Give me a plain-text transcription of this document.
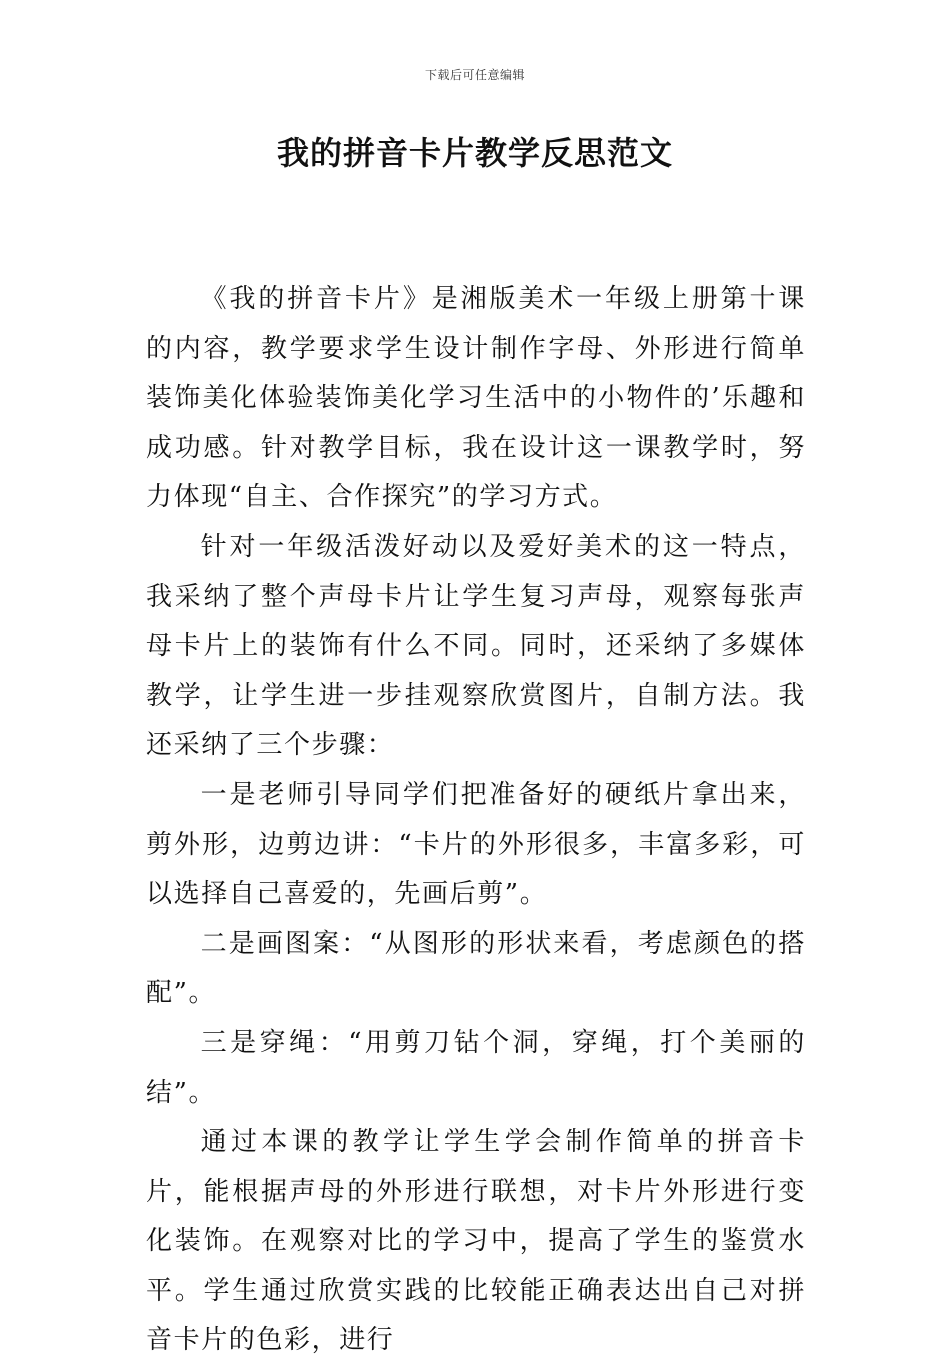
下载后可任意编辑
我的拼音卡片教学反思范文

《我的拼音卡片》是湘版美术一年级上册第十课的内容，教学要求学生设计制作字母、外形进行简单装饰美化体验装饰美化学习生活中的小物件的’乐趣和成功感。针对教学目标，我在设计这一课教学时，努力体现“自主、合作探究”的学习方式。

针对一年级活泼好动以及爱好美术的这一特点，我采纳了整个声母卡片让学生复习声母，观察每张声母卡片上的装饰有什么不同。同时，还采纳了多媒体教学，让学生进一步挂观察欣赏图片，自制方法。我还采纳了三个步骤：

一是老师引导同学们把准备好的硬纸片拿出来，剪外形，边剪边讲：“卡片的外形很多，丰富多彩，可以选择自己喜爱的，先画后剪”。

二是画图案：“从图形的形状来看，考虑颜色的搭配”。

三是穿绳：“用剪刀钻个洞，穿绳，打个美丽的结”。

通过本课的教学让学生学会制作简单的拼音卡片，能根据声母的外形进行联想，对卡片外形进行变化装饰。在观察对比的学习中，提高了学生的鉴赏水平。学生通过欣赏实践的比较能正确表达出自己对拼音卡片的色彩，进行
